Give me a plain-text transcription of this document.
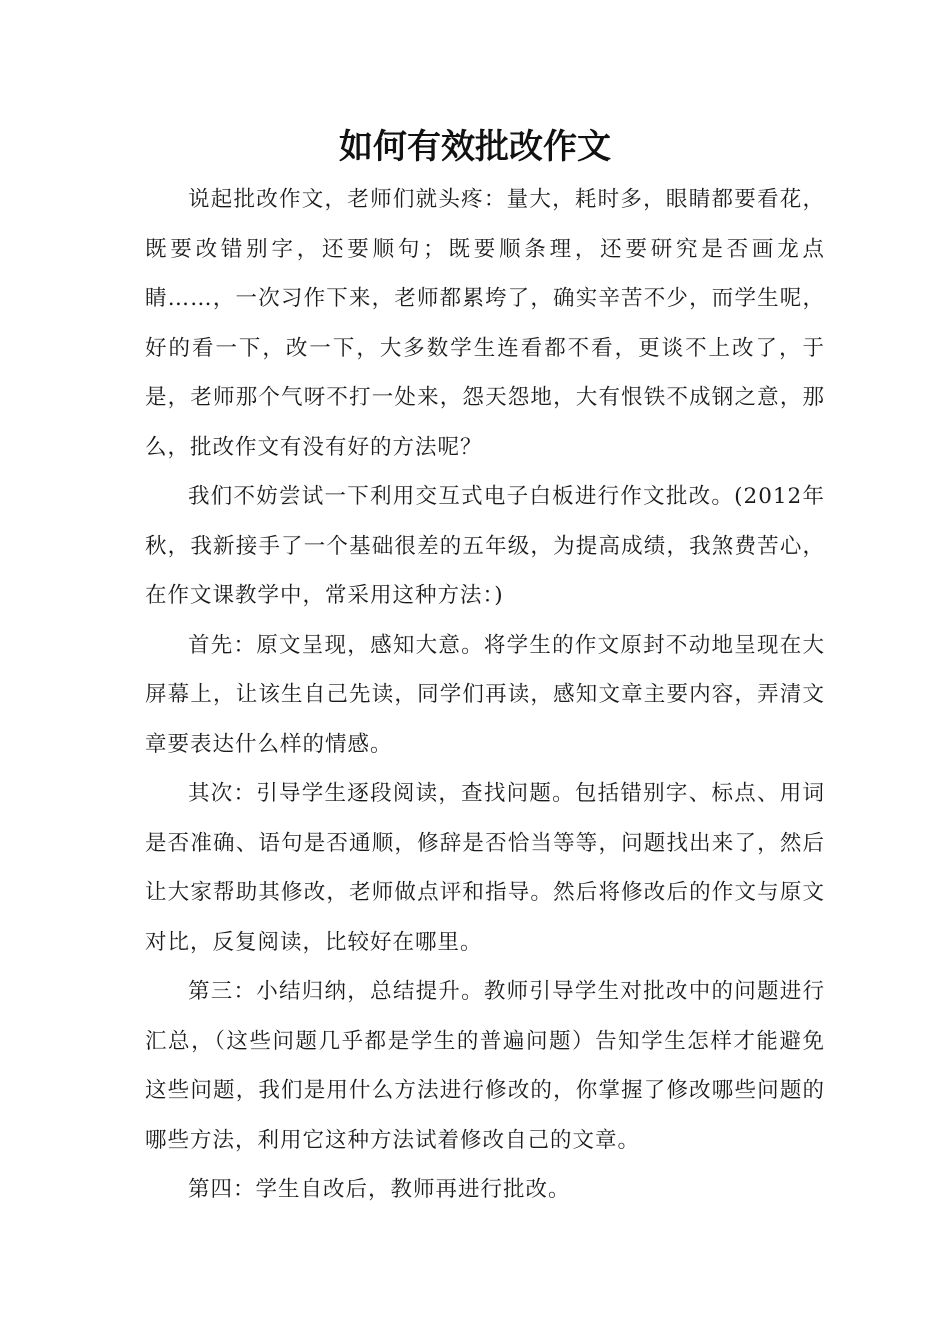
如何有效批改作文

说起批改作文，老师们就头疼：量大，耗时多，眼睛都要看花，既要改错别字，还要顺句；既要顺条理，还要研究是否画龙点睛……，一次习作下来，老师都累垮了，确实辛苦不少，而学生呢，好的看一下，改一下，大多数学生连看都不看，更谈不上改了，于是，老师那个气呀不打一处来，怨天怨地，大有恨铁不成钢之意，那么，批改作文有没有好的方法呢？

我们不妨尝试一下利用交互式电子白板进行作文批改。(2012年秋，我新接手了一个基础很差的五年级，为提高成绩，我煞费苦心，在作文课教学中，常采用这种方法：)

首先：原文呈现，感知大意。将学生的作文原封不动地呈现在大屏幕上，让该生自己先读，同学们再读，感知文章主要内容，弄清文章要表达什么样的情感。

其次：引导学生逐段阅读，查找问题。包括错别字、标点、用词是否准确、语句是否通顺，修辞是否恰当等等，问题找出来了，然后让大家帮助其修改，老师做点评和指导。然后将修改后的作文与原文对比，反复阅读，比较好在哪里。

第三：小结归纳，总结提升。教师引导学生对批改中的问题进行汇总，（这些问题几乎都是学生的普遍问题）告知学生怎样才能避免这些问题，我们是用什么方法进行修改的，你掌握了修改哪些问题的哪些方法，利用它这种方法试着修改自己的文章。

第四：学生自改后，教师再进行批改。
